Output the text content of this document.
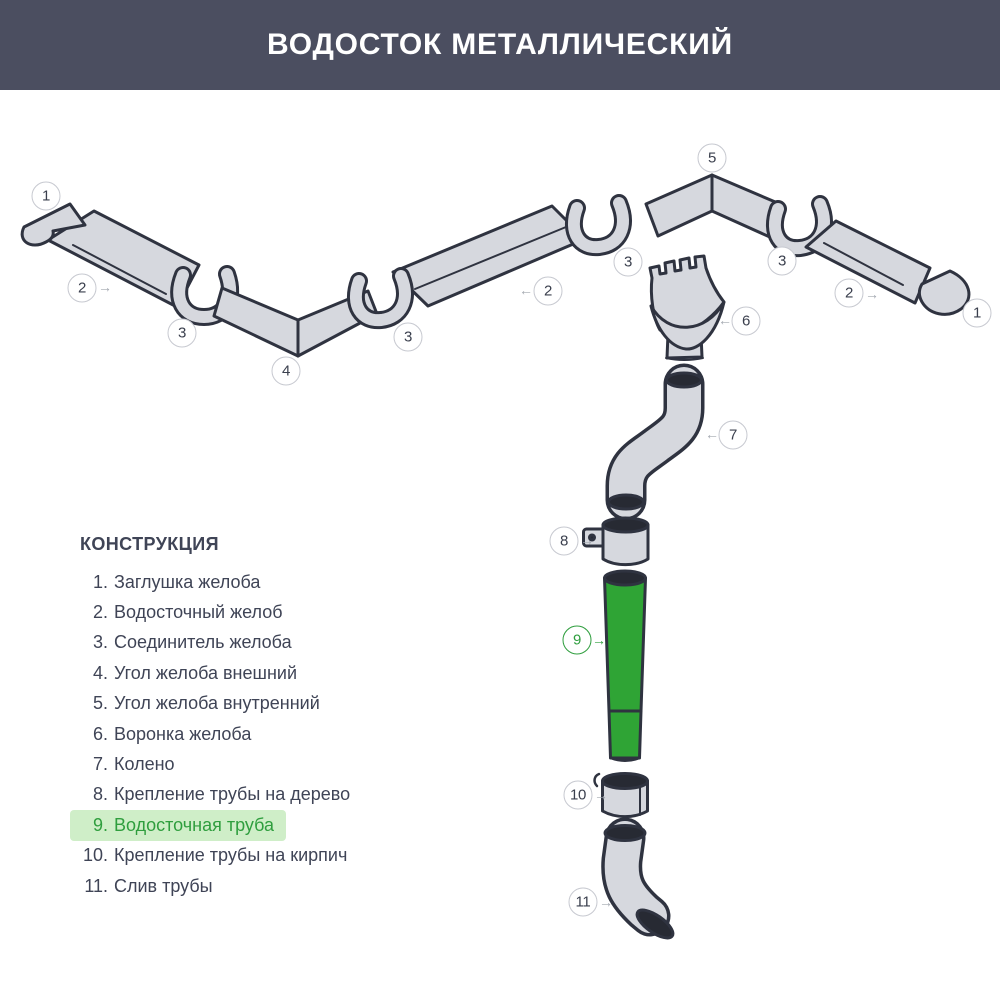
ВОДОСТОК МЕТАЛЛИЧЕСКИЙ
1
2
3
4
3
2
5
3	3
2
1
6
7
8
9
10
11
→	←	→
←
←
→
→
→
→
КОНСТРУКЦИЯ
1. Заглушка желоба
2. Водосточный желоб
3. Соединитель желоба
4. Угол желоба внешний
5. Угол желоба внутренний
6. Воронка желоба
7. Колено
8. Крепление трубы на дерево
9. Водосточная труба
10. Крепление трубы на кирпич
11. Слив трубы
